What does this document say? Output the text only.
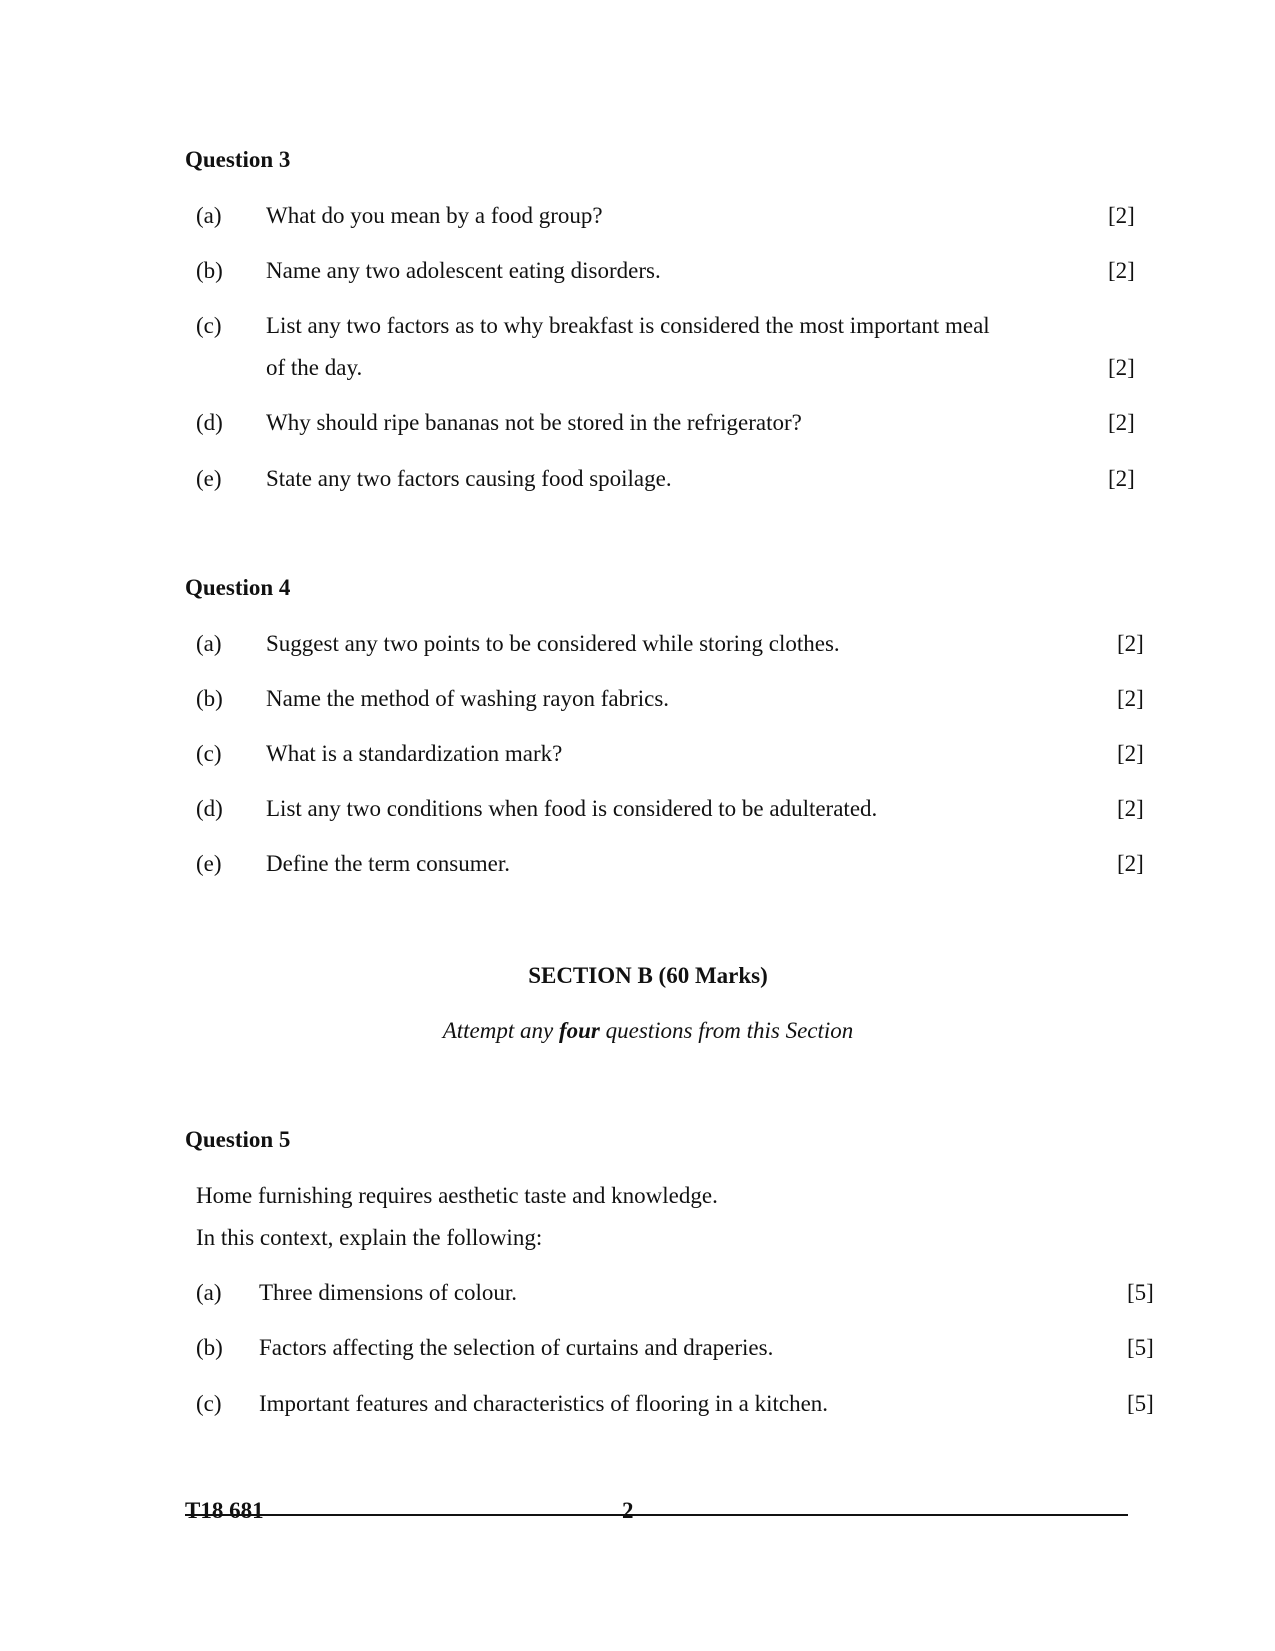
Question 3
(a) What do you mean by a food group?	[2]
(b) Name any two adolescent eating disorders.	[2]
(c) List any two factors as to why breakfast is considered the most important meal
of the day.	[2]
(d) Why should ripe bananas not be stored in the refrigerator?	[2]
(e) State any two factors causing food spoilage.	[2]
Question 4
(a) Suggest any two points to be considered while storing clothes.	[2]
(b) Name the method of washing rayon fabrics.	[2]
(c) What is a standardization mark?	[2]
(d) List any two conditions when food is considered to be adulterated.	[2]
(e) Define the term consumer.	[2]
SECTION B (60 Marks)
Attempt any four questions from this Section
Question 5
Home furnishing requires aesthetic taste and knowledge.
In this context, explain the following:
(a) Three dimensions of colour.	[5]
(b) Factors affecting the selection of curtains and draperies.	[5]
(c) Important features and characteristics of flooring in a kitchen.	[5]
T18 681	2
